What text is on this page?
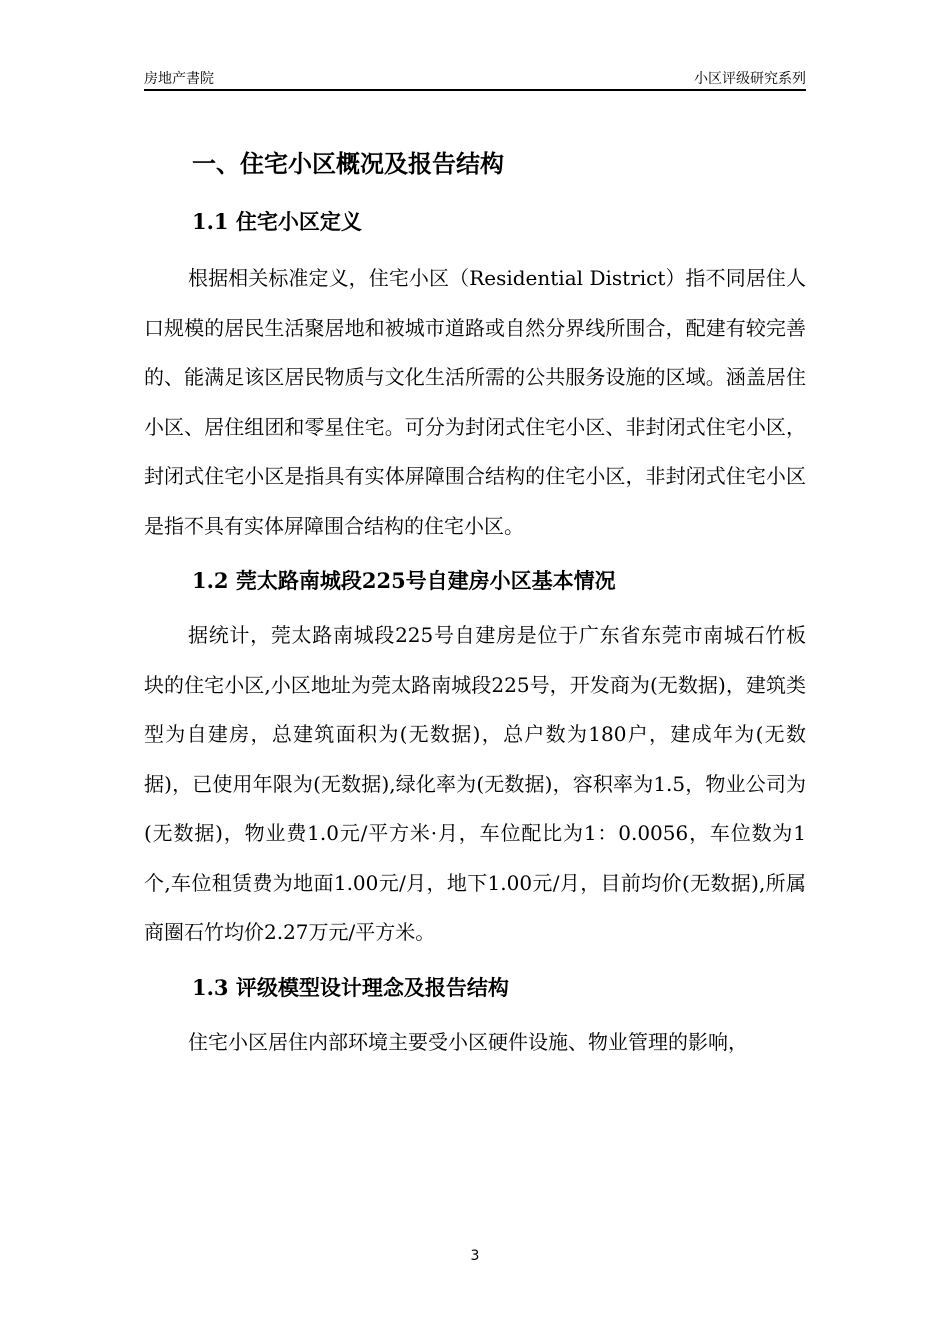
房地产書院	小区评级研究系列
一、住宅小区概况及报告结构
1.1 住宅小区定义

根据相关标准定义，住宅小区（Residential District）指不同居住人口规模的居民生活聚居地和被城市道路或自然分界线所围合，配建有较完善的、能满足该区居民物质与文化生活所需的公共服务设施的区域。涵盖居住小区、居住组团和零星住宅。可分为封闭式住宅小区、非封闭式住宅小区，封闭式住宅小区是指具有实体屏障围合结构的住宅小区，非封闭式住宅小区是指不具有实体屏障围合结构的住宅小区。

1.2 莞太路南城段225号自建房小区基本情况

据统计，莞太路南城段225号自建房是位于广东省东莞市南城石竹板块的住宅小区,小区地址为莞太路南城段225号，开发商为(无数据)，建筑类型为自建房，总建筑面积为(无数据)，总户数为180户，建成年为(无数据)，已使用年限为(无数据),绿化率为(无数据)，容积率为1.5，物业公司为(无数据)，物业费1.0元/平方米·月，车位配比为1：0.0056，车位数为1个,车位租赁费为地面1.00元/月，地下1.00元/月，目前均价(无数据),所属商圈石竹均价2.27万元/平方米。

1.3 评级模型设计理念及报告结构

住宅小区居住内部环境主要受小区硬件设施、物业管理的影响，

3
